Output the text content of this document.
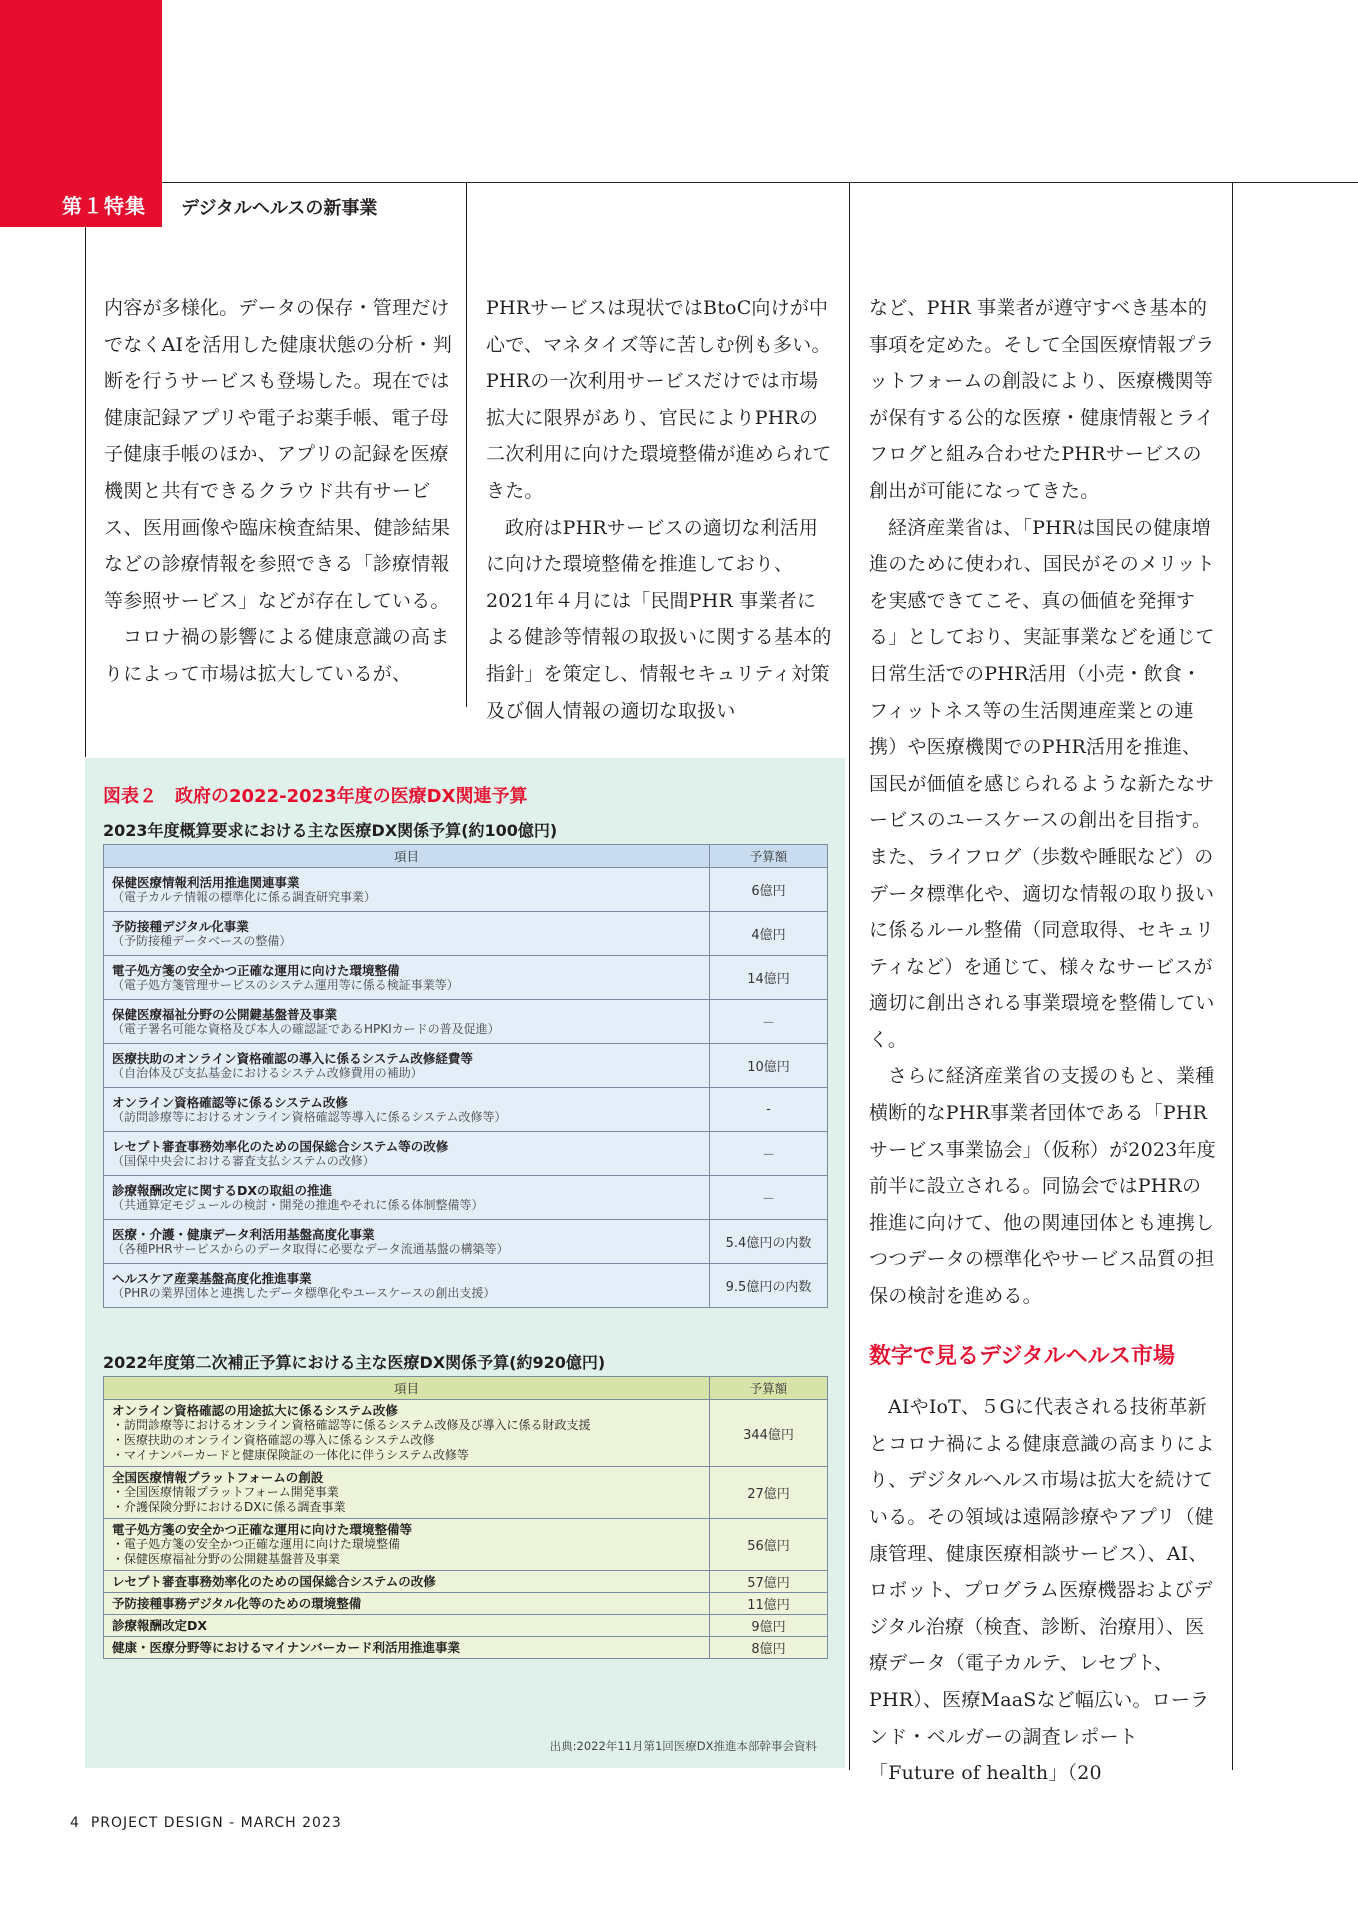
第１特集 デジタルヘルスの新事業

内容が多様化。データの保存・管理だけでなくAIを活用した健康状態の分析・判断を行うサービスも登場した。現在では健康記録アプリや電子お薬手帳、電子母子健康手帳のほか、アプリの記録を医療機関と共有できるクラウド共有サービス、医用画像や臨床検査結果、健診結果などの診療情報を参照できる「診療情報等参照サービス」などが存在している。

コロナ禍の影響による健康意識の高まりによって市場は拡大しているが、

PHRサービスは現状ではBtoC向けが中心で、マネタイズ等に苦しむ例も多い。PHRの一次利用サービスだけでは市場拡大に限界があり、官民によりPHRの二次利用に向けた環境整備が進められてきた。

政府はPHRサービスの適切な利活用に向けた環境整備を推進しており、2021年４月には「民間PHR 事業者による健診等情報の取扱いに関する基本的指針」を策定し、情報セキュリティ対策及び個人情報の適切な取扱い

など、PHR 事業者が遵守すべき基本的事項を定めた。そして全国医療情報プラットフォームの創設により、医療機関等が保有する公的な医療・健康情報とライフログと組み合わせたPHRサービスの創出が可能になってきた。

経済産業省は、「PHRは国民の健康増進のために使われ、国民がそのメリットを実感できてこそ、真の価値を発揮する」としており、実証事業などを通じて日常生活でのPHR活用（小売・飲食・フィットネス等の生活関連産業との連携）や医療機関でのPHR活用を推進、国民が価値を感じられるような新たなサービスのユースケースの創出を目指す。また、ライフログ（歩数や睡眠など）のデータ標準化や、適切な情報の取り扱いに係るルール整備（同意取得、セキュリティなど）を通じて、様々なサービスが適切に創出される事業環境を整備していく。

さらに経済産業省の支援のもと、業種横断的なPHR事業者団体である「PHRサービス事業協会」（仮称）が2023年度前半に設立される。同協会ではPHRの推進に向けて、他の関連団体とも連携しつつデータの標準化やサービス品質の担保の検討を進める。

数字で見るデジタルヘルス市場

AIやIoT、５Gに代表される技術革新とコロナ禍による健康意識の高まりにより、デジタルヘルス市場は拡大を続けている。その領域は遠隔診療やアプリ（健康管理、健康医療相談サービス）、AI、ロボット、プログラム医療機器およびデジタル治療（検査、診断、治療用）、医療データ（電子カルテ、レセプト、PHR）、医療MaaSなど幅広い。ローランド・ベルガーの調査レポート「Future of health」（20

図表２　政府の2022-2023年度の医療DX関連予算
2023年度概算要求における主な医療DX関係予算(約100億円)
項目	予算額

保健医療情報利活用推進関連事業
（電子カルテ情報の標準化に係る調査研究事業）	6億円

予防接種デジタル化事業
（予防接種データベースの整備）	4億円

電子処方箋の安全かつ正確な運用に向けた環境整備
（電子処方箋管理サービスのシステム運用等に係る検証事業等）	14億円

保健医療福祉分野の公開鍵基盤普及事業
（電子署名可能な資格及び本人の確認証であるHPKIカードの普及促進）	－

医療扶助のオンライン資格確認の導入に係るシステム改修経費等
（自治体及び支払基金におけるシステム改修費用の補助）	10億円

オンライン資格確認等に係るシステム改修
（訪問診療等におけるオンライン資格確認等導入に係るシステム改修等）	-

レセプト審査事務効率化のための国保総合システム等の改修
（国保中央会における審査支払システムの改修）	－

診療報酬改定に関するDXの取組の推進
（共通算定モジュールの検討・開発の推進やそれに係る体制整備等）	－

医療・介護・健康データ利活用基盤高度化事業
（各種PHRサービスからのデータ取得に必要なデータ流通基盤の構築等）	5.4億円の内数

ヘルスケア産業基盤高度化推進事業
（PHRの業界団体と連携したデータ標準化やユースケースの創出支援）	9.5億円の内数
2022年度第二次補正予算における主な医療DX関係予算(約920億円)
項目	予算額

オンライン資格確認の用途拡大に係るシステム改修
・訪問診療等におけるオンライン資格確認等に係るシステム改修及び導入に係る財政支援
・医療扶助のオンライン資格確認の導入に係るシステム改修
・マイナンバーカードと健康保険証の一体化に伴うシステム改修等	344億円

全国医療情報プラットフォームの創設
・全国医療情報プラットフォーム開発事業
・介護保険分野におけるDXに係る調査事業	27億円

電子処方箋の安全かつ正確な運用に向けた環境整備等
・電子処方箋の安全かつ正確な運用に向けた環境整備
・保健医療福祉分野の公開鍵基盤普及事業	56億円

レセプト審査事務効率化のための国保総合システムの改修	57億円

予防接種事務デジタル化等のための環境整備	11億円

診療報酬改定DX	9億円

健康・医療分野等におけるマイナンバーカード利活用推進事業	8億円
出典:2022年11月第1回医療DX推進本部幹事会資料
4 PROJECT DESIGN - MARCH 2023
